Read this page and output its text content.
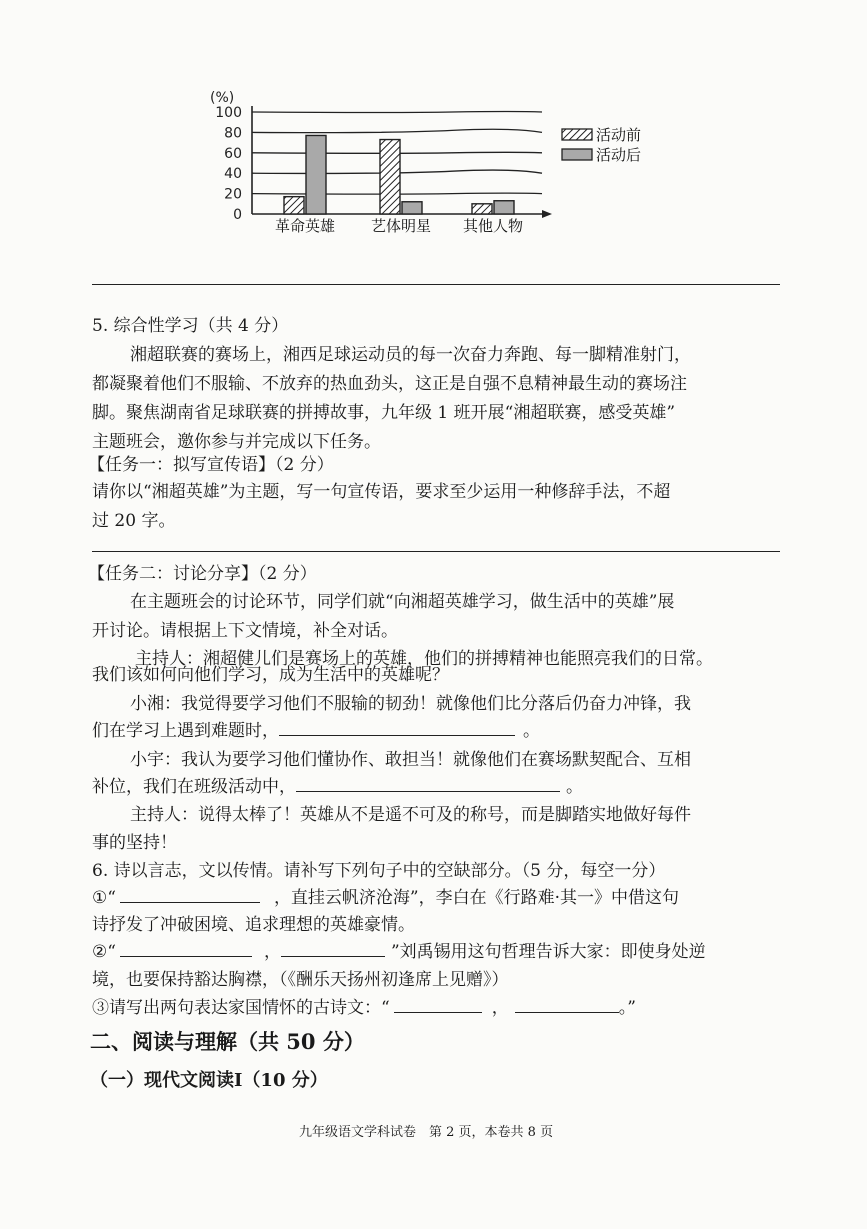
(%)
100
80
60
40
20
0
革命英雄 艺体明星 其他人物
活动前
活动后
5. 综合性学习（共 4 分）
湘超联赛的赛场上，湘西足球运动员的每一次奋力奔跑、每一脚精准射门，
都凝聚着他们不服输、不放弃的热血劲头，这正是自强不息精神最生动的赛场注
脚。聚焦湖南省足球联赛的拼搏故事，九年级 1 班开展“湘超联赛，感受英雄”
主题班会，邀你参与并完成以下任务。
【任务一：拟写宣传语】（2 分）
请你以“湘超英雄”为主题，写一句宣传语，要求至少运用一种修辞手法，不超
过 20 字。
【任务二：讨论分享】（2 分）
在主题班会的讨论环节，同学们就“向湘超英雄学习，做生活中的英雄”展
开讨论。请根据上下文情境，补全对话。
主持人：湘超健儿们是赛场上的英雄，他们的拼搏精神也能照亮我们的日常。
我们该如何向他们学习，成为生活中的英雄呢？
小湘：我觉得要学习他们不服输的韧劲！就像他们比分落后仍奋力冲锋，我
们在学习上遇到难题时，	。
小宇：我认为要学习他们懂协作、敢担当！就像他们在赛场默契配合、互相
补位，我们在班级活动中，	。
主持人：说得太棒了！英雄从不是遥不可及的称号，而是脚踏实地做好每件
事的坚持！
6. 诗以言志，文以传情。请补写下列句子中的空缺部分。（5 分，每空一分）
①“	，直挂云帆济沧海”，李白在《行路难·其一》中借这句
诗抒发了冲破困境、追求理想的英雄豪情。
②“	，	”刘禹锡用这句哲理告诉大家：即使身处逆
境，也要保持豁达胸襟，（《酬乐天扬州初逢席上见赠》）
③请写出两句表达家国情怀的古诗文：“	，	。”
二、阅读与理解（共 50 分）
（一）现代文阅读Ⅰ（10 分）
九年级语文学科试卷　第 2 页，本卷共 8 页
